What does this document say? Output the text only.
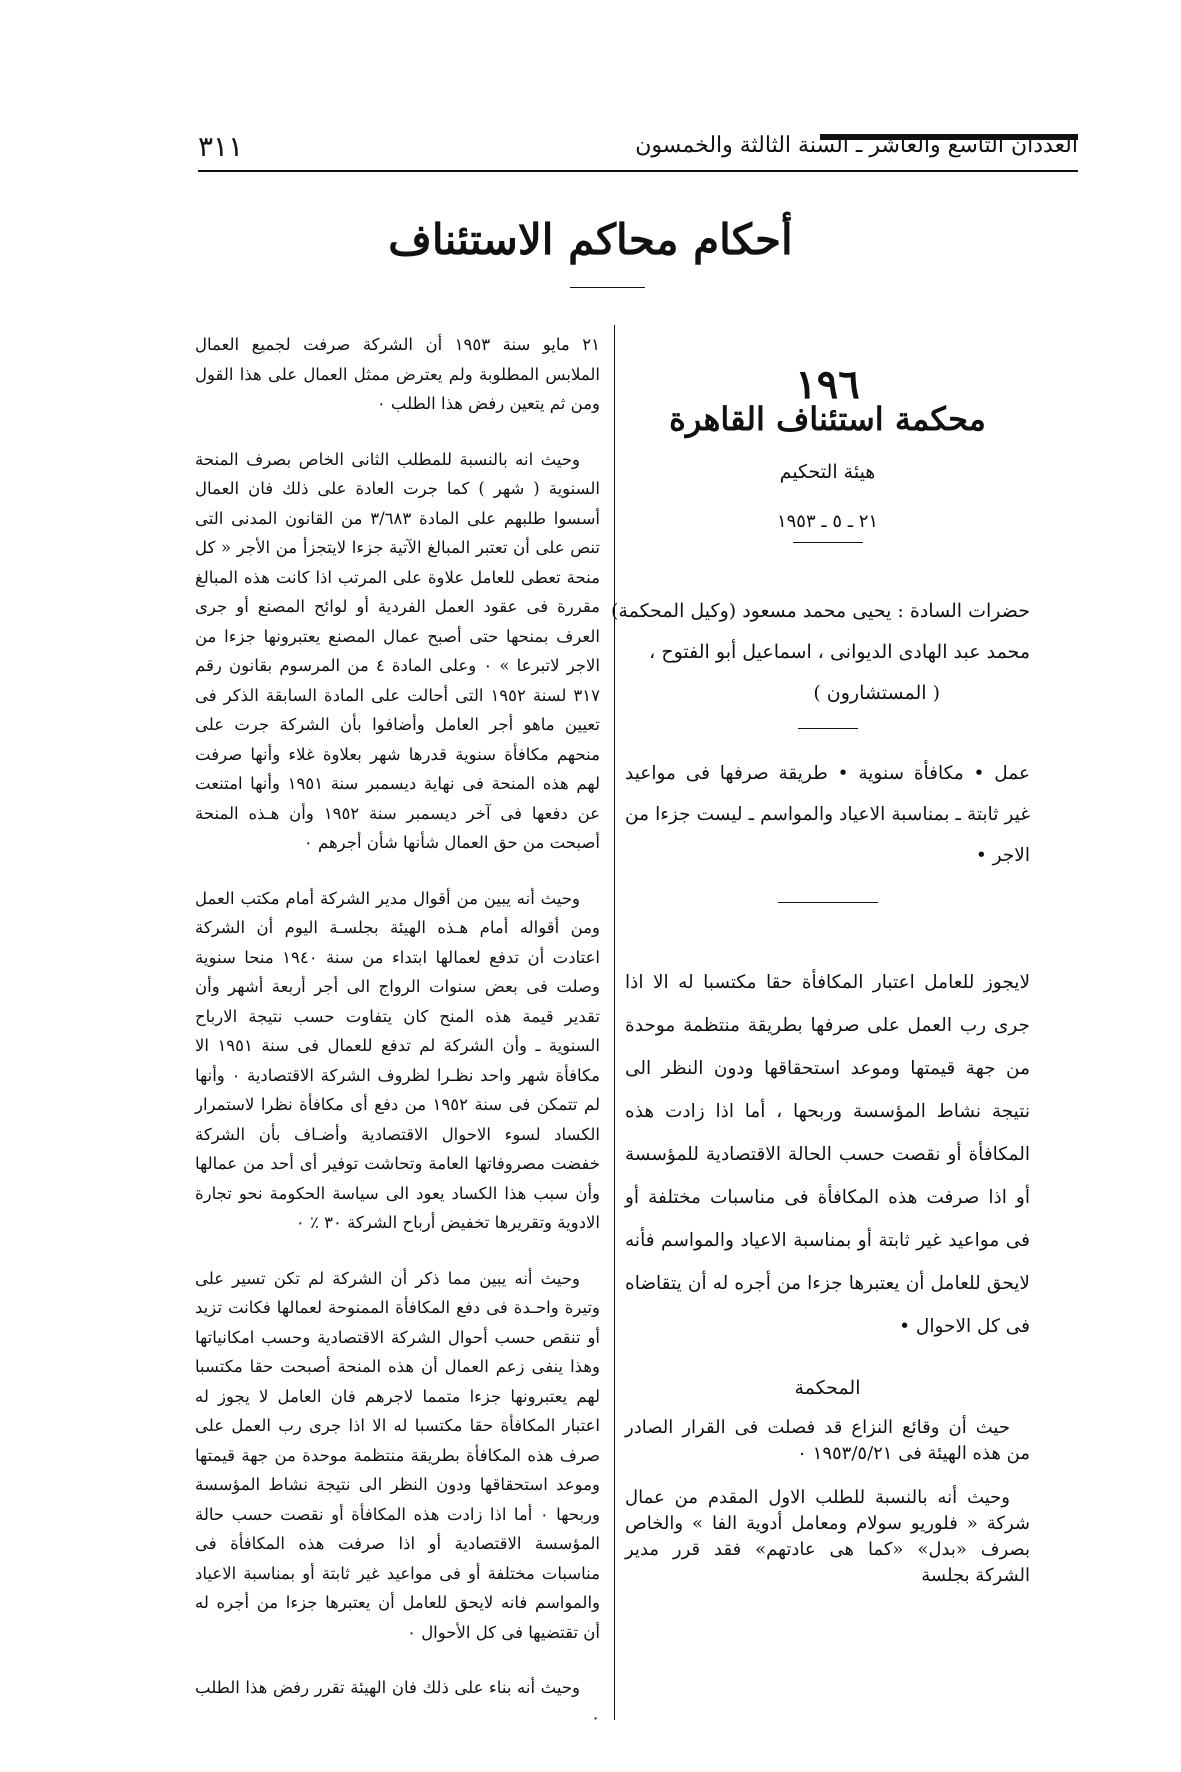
العددان التاسع والعاشر ـ السنة الثالثة والخمسون
٣١١
أحكام محاكم الاستئناف
١٩٦
محكمة استئناف القاهرة
هيئة التحكيم
٢١ ـ ٥ ـ ١٩٥٣
حضرات السادة : يحيى محمد مسعود (وكيل المحكمة)
محمد عبد الهادى الديوانى ، اسماعيل أبو الفتوح ،
( المستشارون )

عمل • مكافأة سنوية • طريقة صرفها فى مواعيد غير ثابتة ـ بمناسبة الاعياد والمواسم ـ ليست جزءا من الاجر •

لايجوز للعامل اعتبار المكافأة حقا مكتسبا له الا اذا جرى رب العمل على صرفها بطريقة منتظمة موحدة من جهة قيمتها وموعد استحقاقها ودون النظر الى نتيجة نشاط المؤسسة وربحها ، أما اذا زادت هذه المكافأة أو نقصت حسب الحالة الاقتصادية للمؤسسة أو اذا صرفت هذه المكافأة فى مناسبات مختلفة أو فى مواعيد غير ثابتة أو بمناسبة الاعياد والمواسم فأنه لايحق للعامل أن يعتبرها جزءا من أجره له أن يتقاضاه فى كل الاحوال •

المحكمة

حيث أن وقائع النزاع قد فصلت فى القرار الصادر من هذه الهيئة فى ١٩٥٣/٥/٢١ ٠

وحيث أنه بالنسبة للطلب الاول المقدم من عمال شركة « فلوريو سولام ومعامل أدوية الفا » والخاص بصرف «بدل» «كما هى عادتهم» فقد قرر مدير الشركة بجلسة

٢١ مايو سنة ١٩٥٣ أن الشركة صرفت لجميع العمال الملابس المطلوبة ولم يعترض ممثل العمال على هذا القول ومن ثم يتعين رفض هذا الطلب ٠

وحيث انه بالنسبة للمطلب الثانى الخاص بصرف المنحة السنوية ( شهر ) كما جرت العادة على ذلك فان العمال أسسوا طلبهم على المادة ٣/٦٨٣ من القانون المدنى التى تنص على أن تعتبر المبالغ الآتية جزءا لايتجزأ من الأجر « كل منحة تعطى للعامل علاوة على المرتب اذا كانت هذه المبالغ مقررة فى عقود العمل الفردية أو لوائح المصنع أو جرى العرف بمنحها حتى أصبح عمال المصنع يعتبرونها جزءا من الاجر لاتبرعا » ٠ وعلى المادة ٤ من المرسوم بقانون رقم ٣١٧ لسنة ١٩٥٢ التى أحالت على المادة السابقة الذكر فى تعيين ماهو أجر العامل وأضافوا بأن الشركة جرت على منحهم مكافأة سنوية قدرها شهر بعلاوة غلاء وأنها صرفت لهم هذه المنحة فى نهاية ديسمبر سنة ١٩٥١ وأنها امتنعت عن دفعها فى آخر ديسمبر سنة ١٩٥٢ وأن هـذه المنحة أصبحت من حق العمال شأنها شأن أجرهم ٠

وحيث أنه يبين من أقوال مدير الشركة أمام مكتب العمل ومن أقواله أمام هـذه الهيئة بجلسـة اليوم أن الشركة اعتادت أن تدفع لعمالها ابتداء من سنة ١٩٤٠ منحا سنوية وصلت فى بعض سنوات الرواج الى أجر أربعة أشهر وأن تقدير قيمة هذه المنح كان يتفاوت حسب نتيجة الارباح السنوية ـ وأن الشركة لم تدفع للعمال فى سنة ١٩٥١ الا مكافأة شهر واحد نظـرا لظروف الشركة الاقتصادية ٠ وأنها لم تتمكن فى سنة ١٩٥٢ من دفع أى مكافأة نظرا لاستمرار الكساد لسوء الاحوال الاقتصادية وأضـاف بأن الشركة خفضت مصروفاتها العامة وتحاشت توفير أى أحد من عمالها وأن سبب هذا الكساد يعود الى سياسة الحكومة نحو تجارة الادوية وتقريرها تخفيض أرباح الشركة ٣٠ ٪ ٠

وحيث أنه يبين مما ذكر أن الشركة لم تكن تسير على وتيرة واحـدة فى دفع المكافأة الممنوحة لعمالها فكانت تزيد أو تنقص حسب أحوال الشركة الاقتصادية وحسب امكانياتها وهذا ينفى زعم العمال أن هذه المنحة أصبحت حقا مكتسبا لهم يعتبرونها جزءا متمما لاجرهم فان العامل لا يجوز له اعتبار المكافأة حقا مكتسبا له الا اذا جرى رب العمل على صرف هذه المكافأة بطريقة منتظمة موحدة من جهة قيمتها وموعد استحقاقها ودون النظر الى نتيجة نشاط المؤسسة وربحها ٠ أما اذا زادت هذه المكافأة أو نقصت حسب حالة المؤسسة الاقتصادية أو اذا صرفت هذه المكافأة فى مناسبات مختلفة أو فى مواعيد غير ثابتة أو بمناسبة الاعياد والمواسم فانه لايحق للعامل أن يعتبرها جزءا من أجره له أن تقتضيها فى كل الأحوال ٠

وحيث أنه بناء على ذلك فان الهيئة تقرر رفض هذا الطلب ٠
